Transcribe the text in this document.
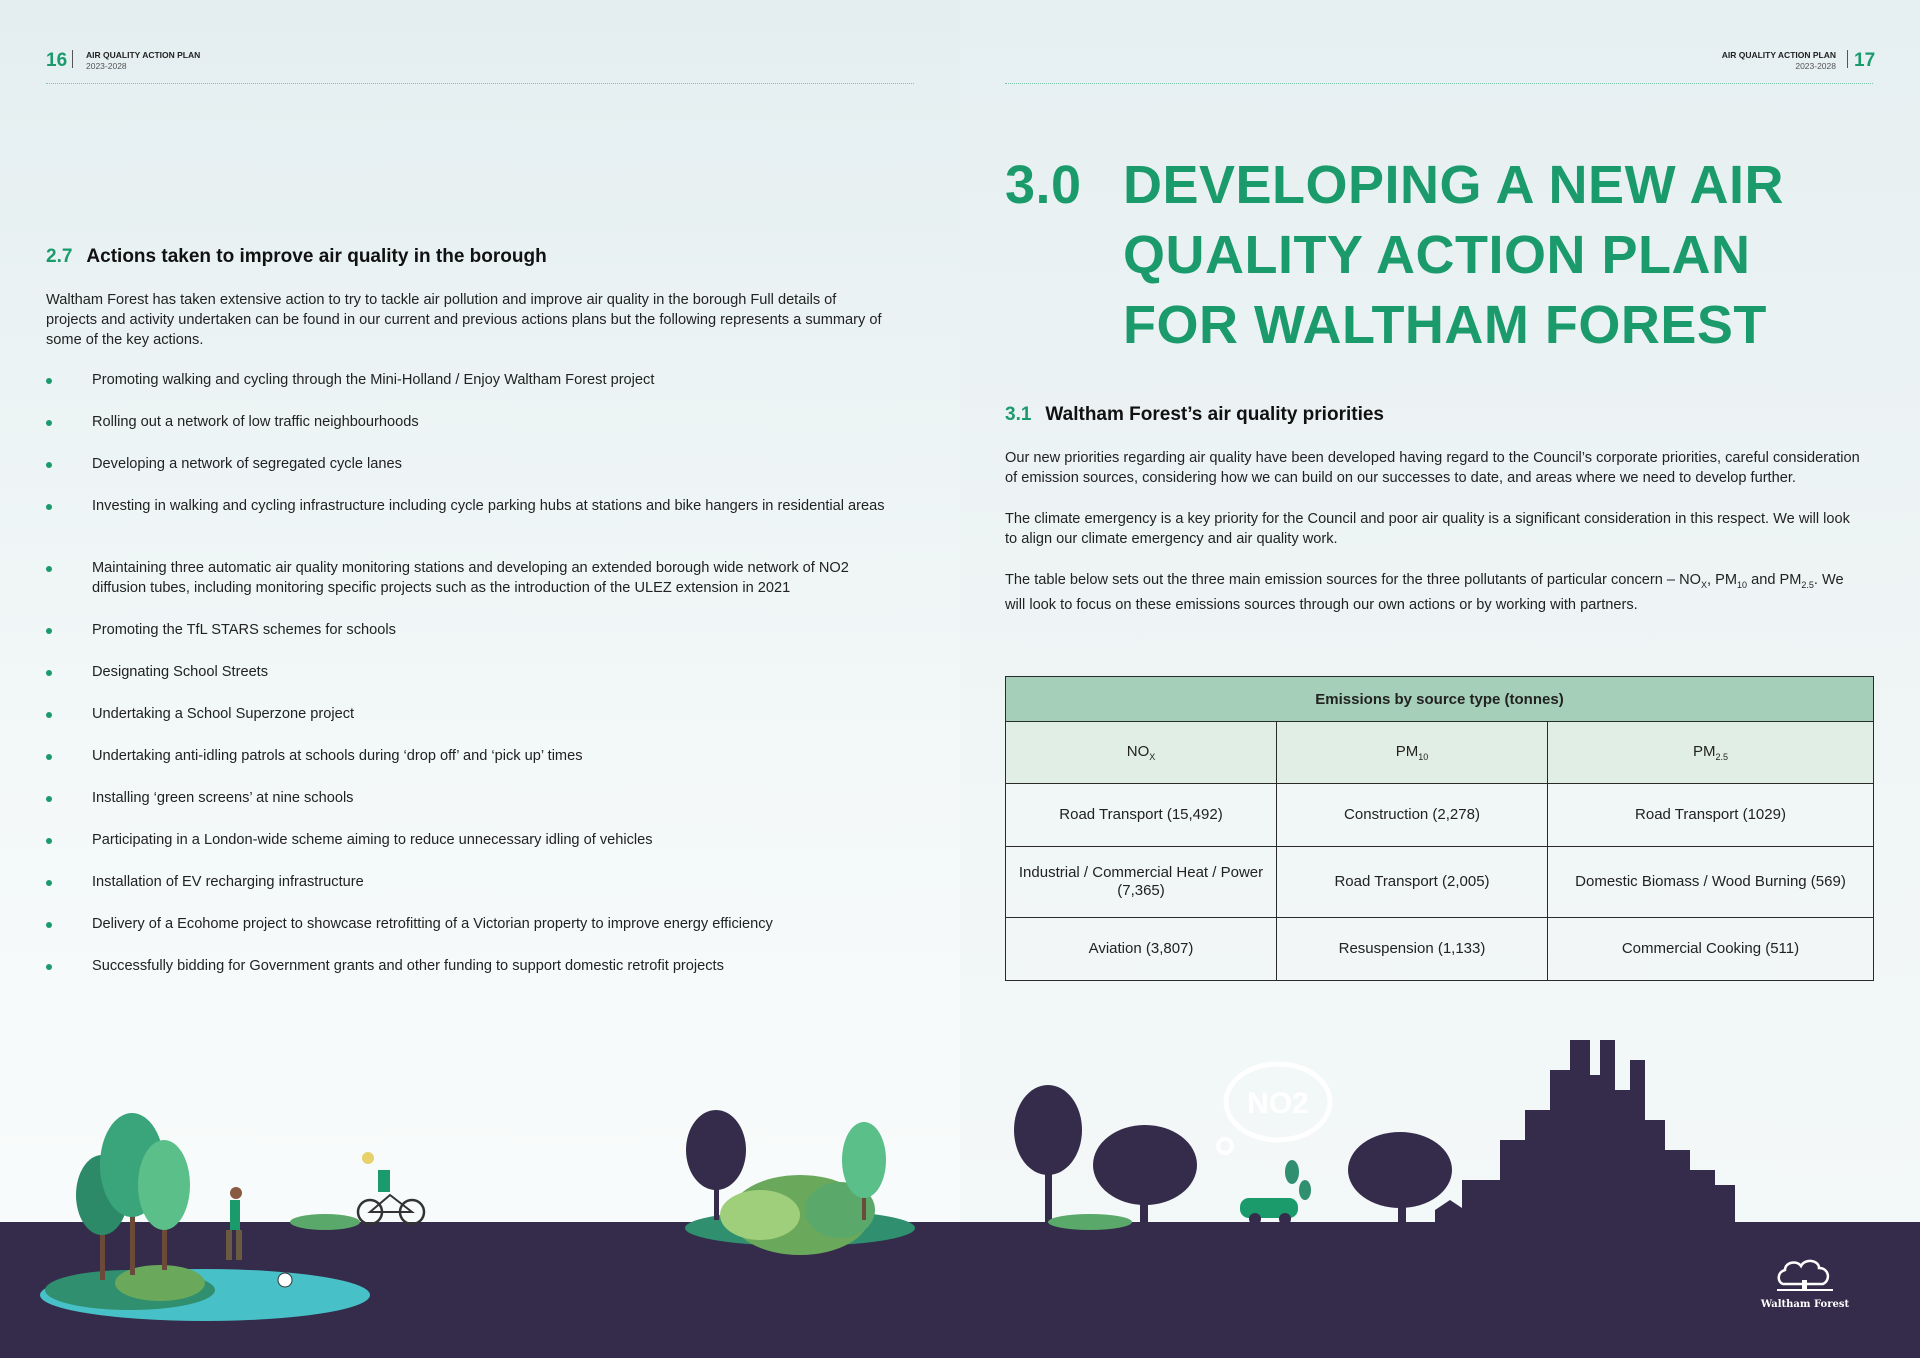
16 AIR QUALITY ACTION PLAN
2023-2028
2.7 Actions taken to improve air quality in the borough

Waltham Forest has taken extensive action to try to tackle air pollution and improve air quality in the borough Full details of projects and activity undertaken can be found in our current and previous actions plans but the following represents a summary of some of the key actions.

Promoting walking and cycling through the Mini-Holland / Enjoy Waltham Forest project
Rolling out a network of low traffic neighbourhoods
Developing a network of segregated cycle lanes
Investing in walking and cycling infrastructure including cycle parking hubs at stations and bike hangers in residential areas
Maintaining three automatic air quality monitoring stations and developing an extended borough wide network of NO2 diffusion tubes, including monitoring specific projects such as the introduction of the ULEZ extension in 2021
Promoting the TfL STARS schemes for schools
Designating School Streets
Undertaking a School Superzone project
Undertaking anti-idling patrols at schools during ‘drop off’ and ‘pick up’ times
Installing ‘green screens’ at nine schools
Participating in a London-wide scheme aiming to reduce unnecessary idling of vehicles
Installation of EV recharging infrastructure
Delivery of a Ecohome project to showcase retrofitting of a Victorian property to improve energy efficiency
Successfully bidding for Government grants and other funding to support domestic retrofit projects
AIR QUALITY ACTION PLAN
2023-2028 17
3.0 DEVELOPING A NEW AIR QUALITY ACTION PLAN FOR WALTHAM FOREST
3.1 Waltham Forest’s air quality priorities

Our new priorities regarding air quality have been developed having regard to the Council’s corporate priorities, careful consideration of emission sources, considering how we can build on our successes to date, and areas where we need to develop further.

The climate emergency is a key priority for the Council and poor air quality is a significant consideration in this respect. We will look to align our climate emergency and air quality work.

The table below sets out the three main emission sources for the three pollutants of particular concern – $NO_X$, $PM_{10}$ and $PM_{2.5}$. We will look to focus on these emissions sources through our own actions or by working with partners.

Emissions by source type (tonnes)		
$NO_X$	$PM_{10}$	$PM_{2.5}$
Road Transport (15,492)	Construction (2,278)	Road Transport (1029)
Industrial / Commercial Heat / Power (7,365)	Road Transport (2,005)	Domestic Biomass / Wood Burning (569)
Aviation (3,807)	Resuspension (1,133)	Commercial Cooking (511)
NO2
Waltham Forest
